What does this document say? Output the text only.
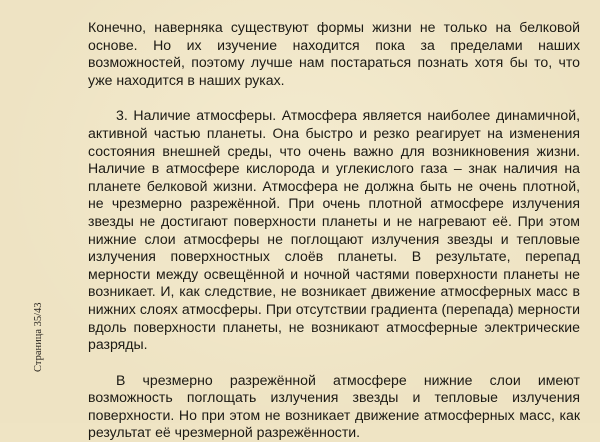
Страница 35/43

Конечно, наверняка существуют формы жизни не только на белковой основе. Но их изучение находится пока за пределами наших возможностей, поэтому лучше нам постараться познать хотя бы то, что уже находится в наших руках.

3. Наличие атмосферы. Атмосфера является наиболее динамичной, активной частью планеты. Она быстро и резко реагирует на изменения состояния внешней среды, что очень важно для возникновения жизни. Наличие в атмосфере кислорода и углекислого газа – знак наличия на планете белковой жизни. Атмосфера не должна быть не очень плотной, не чрезмерно разрежённой. При очень плотной атмосфере излучения звезды не достигают поверхности планеты и не нагревают её. При этом нижние слои атмосферы не поглощают излучения звезды и тепловые излучения поверхностных слоёв планеты. В результате, перепад мерности между освещённой и ночной частями поверхности планеты не возникает. И, как следствие, не возникает движение атмосферных масс в нижних слоях атмосферы. При отсутствии градиента (перепада) мерности вдоль поверхности планеты, не возникают атмосферные электрические разряды.

В чрезмерно разрежённой атмосфере нижние слои имеют возможность поглощать излучения звезды и тепловые излучения поверхности. Но при этом не возникает движение атмосферных масс, как результат её чрезмерной разрежённости.
